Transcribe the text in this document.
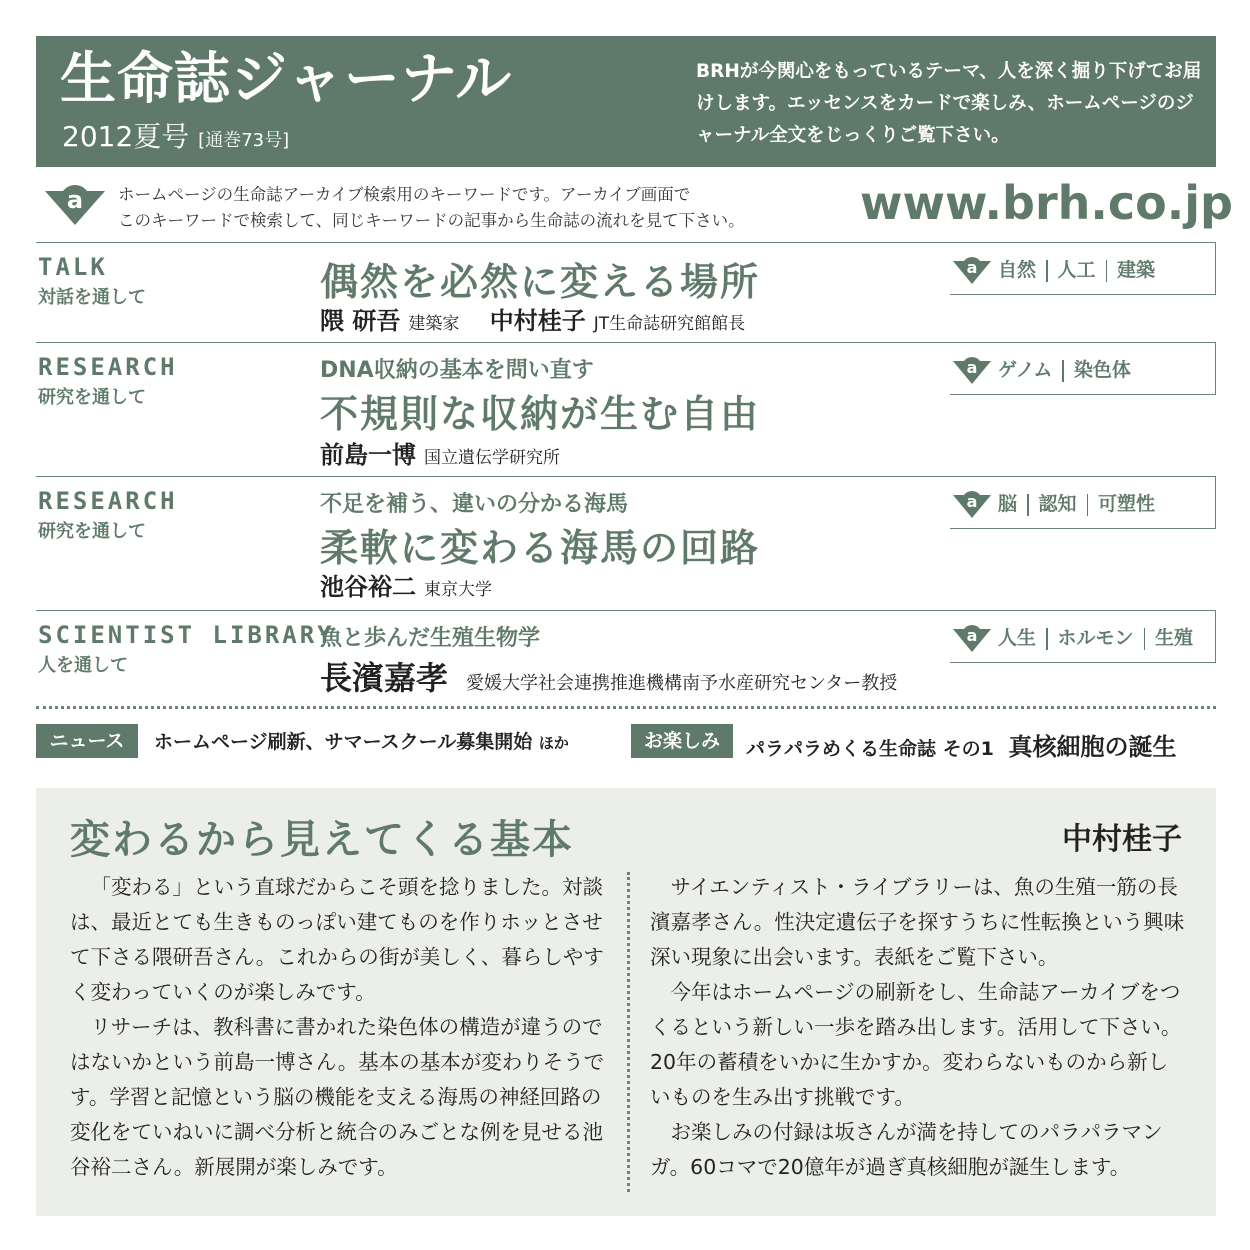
生命誌ジャーナル
2012夏号 [通巻73号]
BRHが今関心をもっているテーマ、人を深く掘り下げてお届けします。エッセンスをカードで楽しみ、ホームページのジャーナル全文をじっくりご覧下さい。
a ホームページの生命誌アーカイブ検索用のキーワードです。アーカイブ画面で
このキーワードで検索して、同じキーワードの記事から生命誌の流れを見て下さい。	www.brh.co.jp
TALK
対話を通して	偶然を必然に変える場所
隈 研吾 建築家 中村桂子 JT生命誌研究館館長
a 自然 人工 建築
RESEARCH
研究を通して
DNA収納の基本を問い直す
不規則な収納が生む自由
前島一博 国立遺伝学研究所
a ゲノム 染色体
RESEARCH
研究を通して
不足を補う、違いの分かる海馬
柔軟に変わる海馬の回路
池谷裕二 東京大学
a 脳 認知 可塑性
SCIENTIST LIBRARY
人を通して
魚と歩んだ生殖生物学
長濱嘉孝 愛媛大学社会連携推進機構南予水産研究センター教授
a 人生 ホルモン 生殖
ニュース	ホームページ刷新、サマースクール募集開始 ほか	お楽しみ	パラパラめくる生命誌 その1 真核細胞の誕生
変わるから見えてくる基本	中村桂子

「変わる」という直球だからこそ頭を捻りました。対談は、最近とても生きものっぽい建てものを作りホッとさせて下さる隈研吾さん。これからの街が美しく、暮らしやすく変わっていくのが楽しみです。

リサーチは、教科書に書かれた染色体の構造が違うのではないかという前島一博さん。基本の基本が変わりそうです。学習と記憶という脳の機能を支える海馬の神経回路の変化をていねいに調べ分析と統合のみごとな例を見せる池谷裕二さん。新展開が楽しみです。

サイエンティスト・ライブラリーは、魚の生殖一筋の長濱嘉孝さん。性決定遺伝子を探すうちに性転換という興味深い現象に出会います。表紙をご覧下さい。

今年はホームページの刷新をし、生命誌アーカイブをつくるという新しい一歩を踏み出します。活用して下さい。20年の蓄積をいかに生かすか。変わらないものから新しいものを生み出す挑戦です。

お楽しみの付録は坂さんが満を持してのパラパラマンガ。60コマで20億年が過ぎ真核細胞が誕生します。
